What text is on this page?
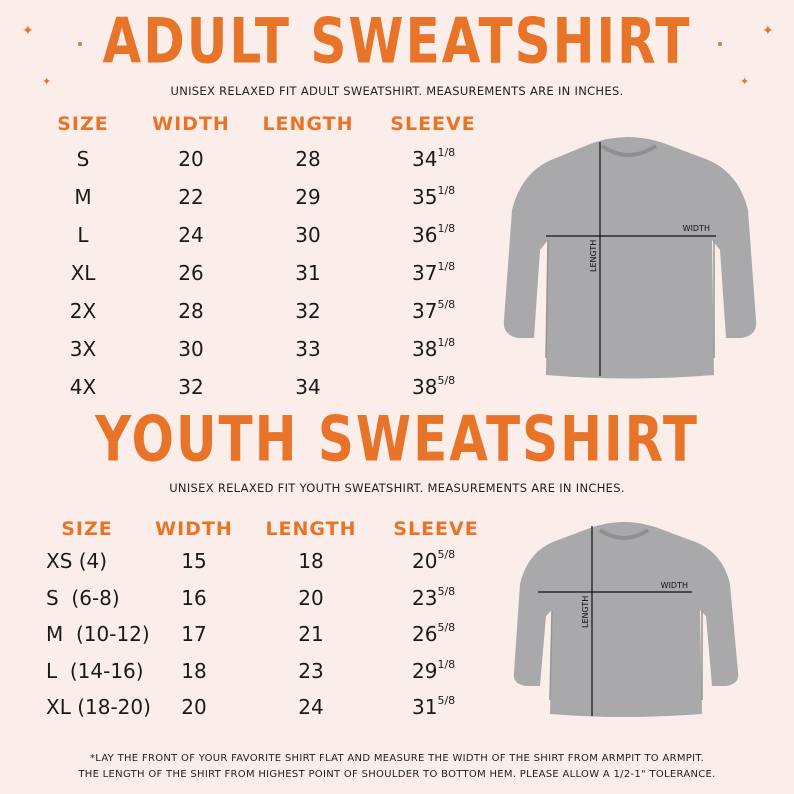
✦
✦
✦
✦
ADULT SWEATSHIRT
UNISEX RELAXED FIT ADULT SWEATSHIRT. MEASUREMENTS ARE IN INCHES.
SIZE	WIDTH	LENGTH	SLEEVE
S	20	28	$34^{1/8}$
M	22	29	$35^{1/8}$
L	24	30	$36^{1/8}$
XL	26	31	$37^{1/8}$
2X	28	32	$37^{5/8}$
3X	30	33	$38^{1/8}$
4X	32	34	$38^{5/8}$
WIDTH
LENGTH
YOUTH SWEATSHIRT
UNISEX RELAXED FIT YOUTH SWEATSHIRT. MEASUREMENTS ARE IN INCHES.
SIZE	WIDTH	LENGTH	SLEEVE
XS (4)	15	18	$20^{5/8}$
S  (6-8)	16	20	$23^{5/8}$
M  (10-12)	17	21	$26^{5/8}$
L  (14-16)	18	23	$29^{1/8}$
XL (18-20)	20	24	$31^{5/8}$
WIDTH
LENGTH
*LAY THE FRONT OF YOUR FAVORITE SHIRT FLAT AND MEASURE THE WIDTH OF THE SHIRT FROM ARMPIT TO ARMPIT.
THE LENGTH OF THE SHIRT FROM HIGHEST POINT OF SHOULDER TO BOTTOM HEM. PLEASE ALLOW A 1/2-1" TOLERANCE.
